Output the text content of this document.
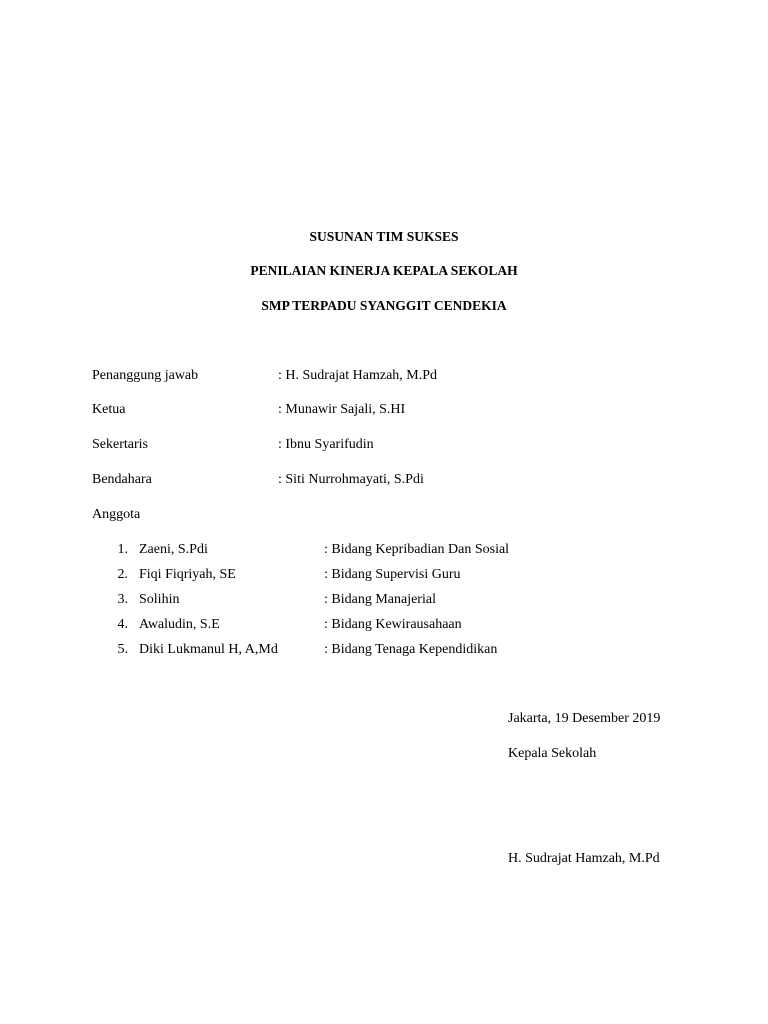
SUSUNAN TIM SUKSES
PENILAIAN KINERJA KEPALA SEKOLAH
SMP TERPADU SYANGGIT CENDEKIA
Penanggung jawab	: H. Sudrajat Hamzah, M.Pd
Ketua	: Munawir Sajali, S.HI
Sekertaris	: Ibnu Syarifudin
Bendahara	: Siti Nurrohmayati, S.Pdi
Anggota
1. Zaeni, S.Pdi	: Bidang Kepribadian Dan Sosial
2. Fiqi Fiqriyah, SE	: Bidang Supervisi Guru
3. Solihin	: Bidang Manajerial
4. Awaludin, S.E	: Bidang Kewirausahaan
5. Diki Lukmanul H, A,Md	: Bidang Tenaga Kependidikan
Jakarta, 19 Desember 2019
Kepala Sekolah
H. Sudrajat Hamzah, M.Pd
